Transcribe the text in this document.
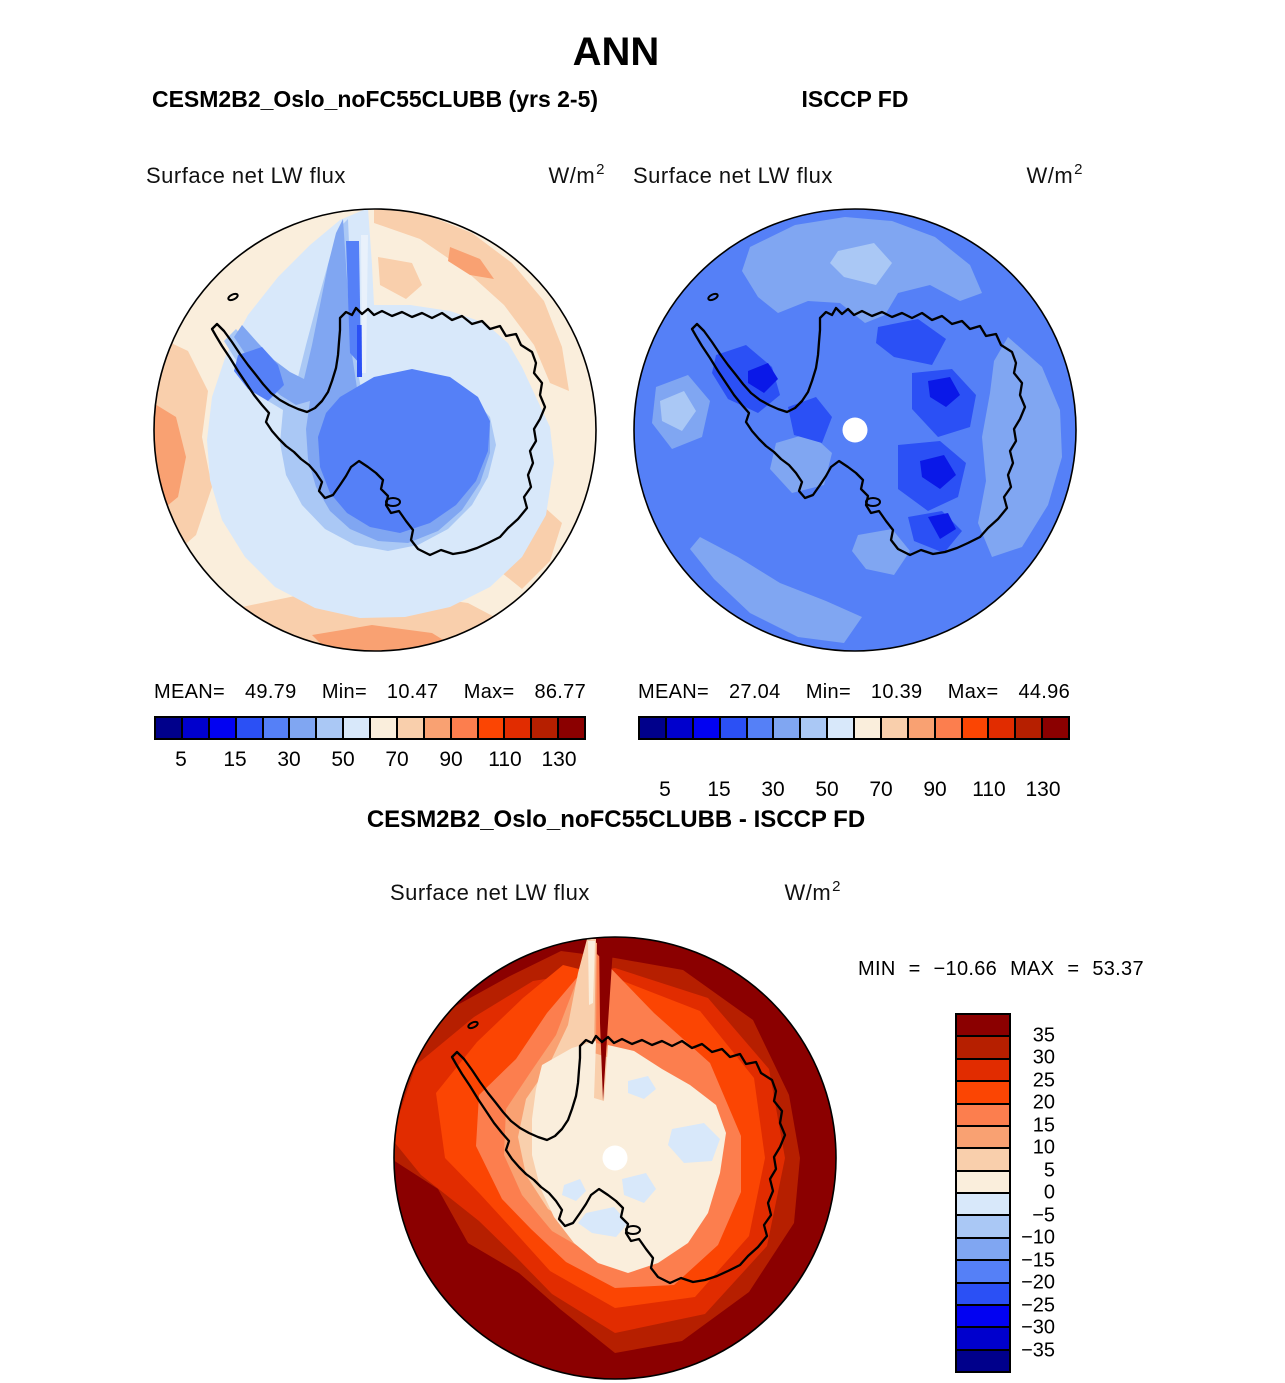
ANN
CESM2B2_Oslo_noFC55CLUBB (yrs 2-5)	ISCCP FD
Surface net LW flux	$W/m^2$ Surface net LW flux	$W/m^2$
MEAN= 49.79 Min= 10.47 Max= 86.77	MEAN= 27.04 Min= 10.39 Max= 44.96
5 15 30 50 70 90 110 130
5 15 30 50 70 90 110 130
CESM2B2_Oslo_noFC55CLUBB - ISCCP FD
Surface net LW flux	$W/m^2$
MIN = −10.66 MAX = 53.37
35
30
25
20
15
10
5
0
−5
−10
−15
−20
−25
−30
−35
